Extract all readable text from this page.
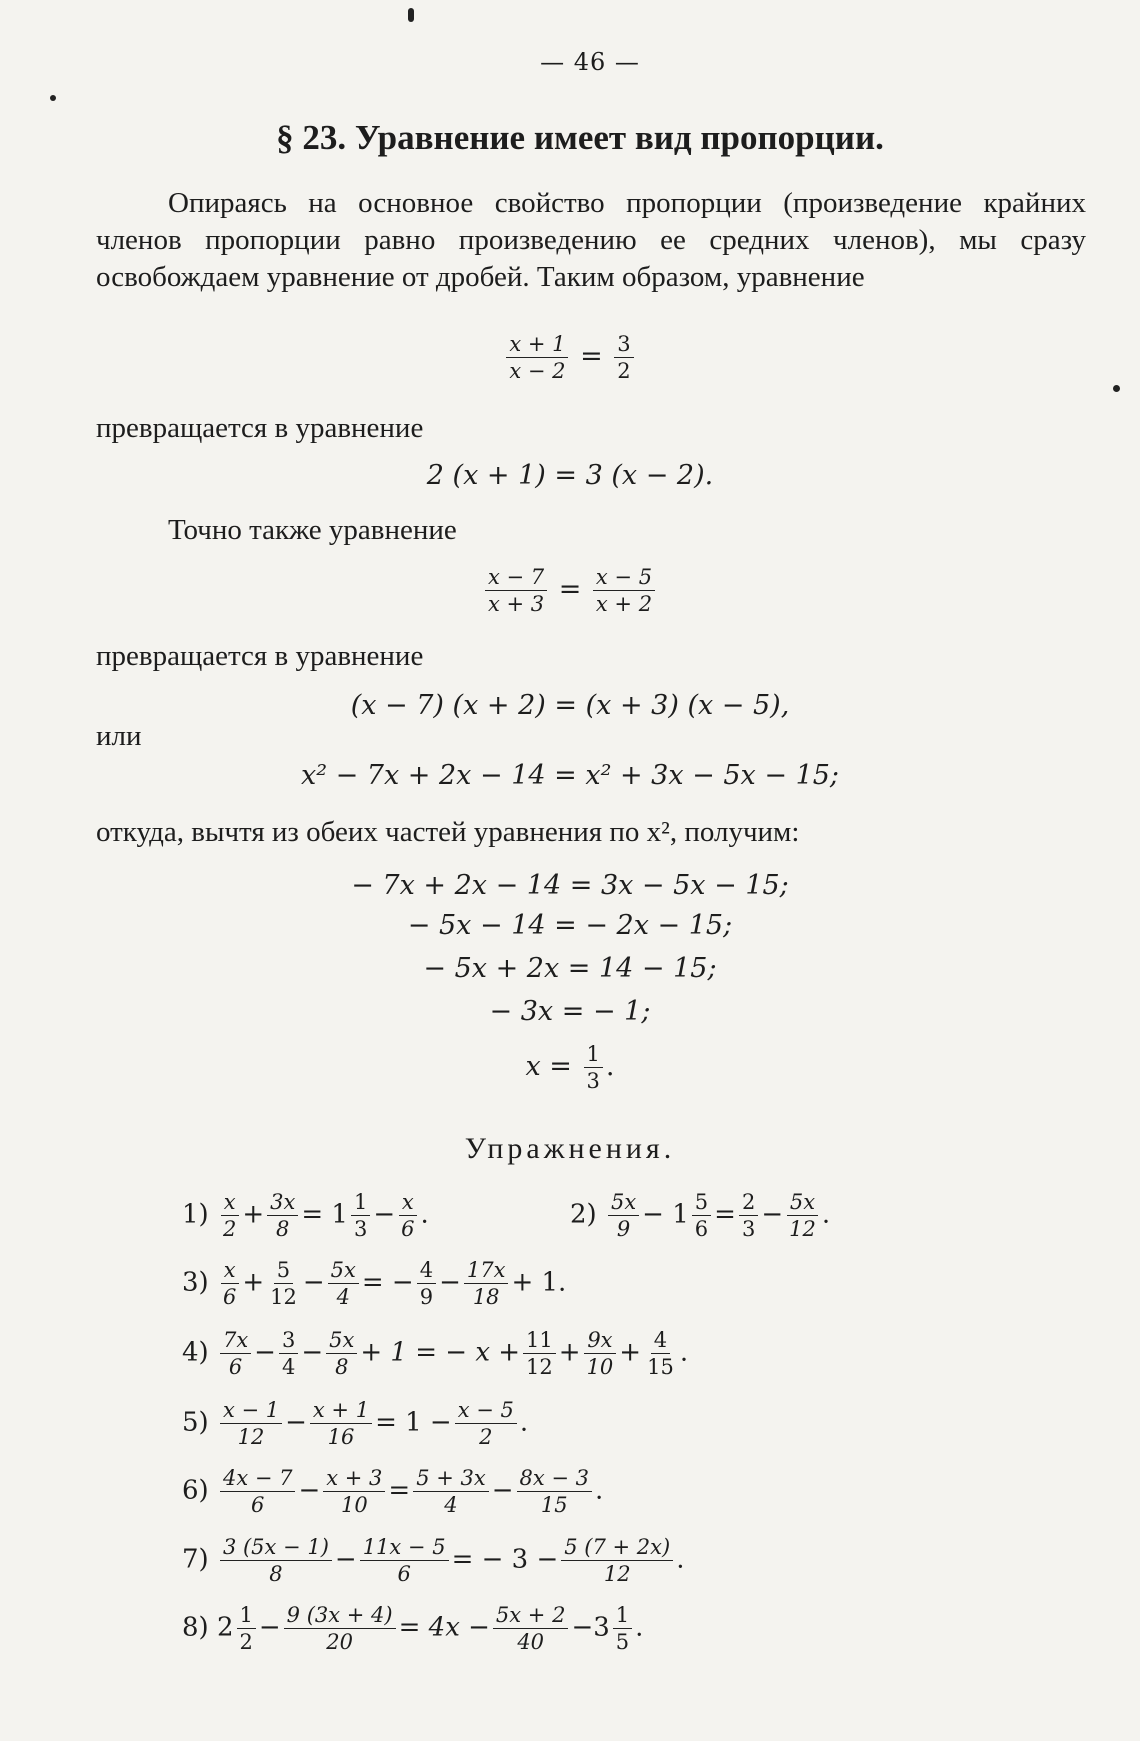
— 46 —
§ 23. Уравнение имеет вид пропорции.
Опираясь на основное свойство пропорции (произведение крайних членов пропорции равно произведению ее средних членов), мы сразу освобождаем уравнение от дробей. Таким образом, уравнение
$\frac{x + 1}{x - 2} = \frac{3}{2}$
превращается в уравнение
2 (x + 1) = 3 (x − 2).
Точно также уравнение
$\frac{x - 7}{x + 3} = \frac{x - 5}{x + 2}$
превращается в уравнение
(x − 7) (x + 2) = (x + 3) (x − 5),
или
x² − 7x + 2x − 14 = x² + 3x − 5x − 15;
откуда, вычтя из обеих частей уравнения по x², получим:
− 7x + 2x − 14 = 3x − 5x − 15;
− 5x − 14 = − 2x − 15;
− 5x + 2x = 14 − 15;
− 3x = − 1;
$x = \frac{1}{3}$ .
Упражнения.
$1) \frac{x}{2} + \frac{3x}{8} = 1 \frac{1}{3} - \frac{x}{6}$ .	$2) \frac{5x}{9} - 1 \frac{5}{6} = \frac{2}{3} - \frac{5x}{12}$ .
$3) \frac{x}{6} + \frac{5}{12} - \frac{5x}{4}$ = − $\frac{4}{9} - \frac{17x}{18} + 1$.
$4) \frac{7x}{6} - \frac{3}{4} - \frac{5x}{8} + 1$ = − $x + \frac{11}{12} + \frac{9x}{10} + \frac{4}{15}$ .
$5) \frac{x - 1}{12} - \frac{x + 1}{16} = 1 - \frac{x - 5}{2}$ .
$6) \frac{4x - 7}{6} - \frac{x + 3}{10} = \frac{5 + 3x}{4} - \frac{8x - 3}{15}$ .
$7) \frac{3 (5x - 1)}{8} - \frac{11x - 5}{6}$ = − $3 - \frac{5 (7 + 2x)}{12}$ .
8) $2 \frac{1}{2} - \frac{9 (3x + 4)}{20} = 4x - \frac{5x + 2}{40} -3 \frac{1}{5}$ .
